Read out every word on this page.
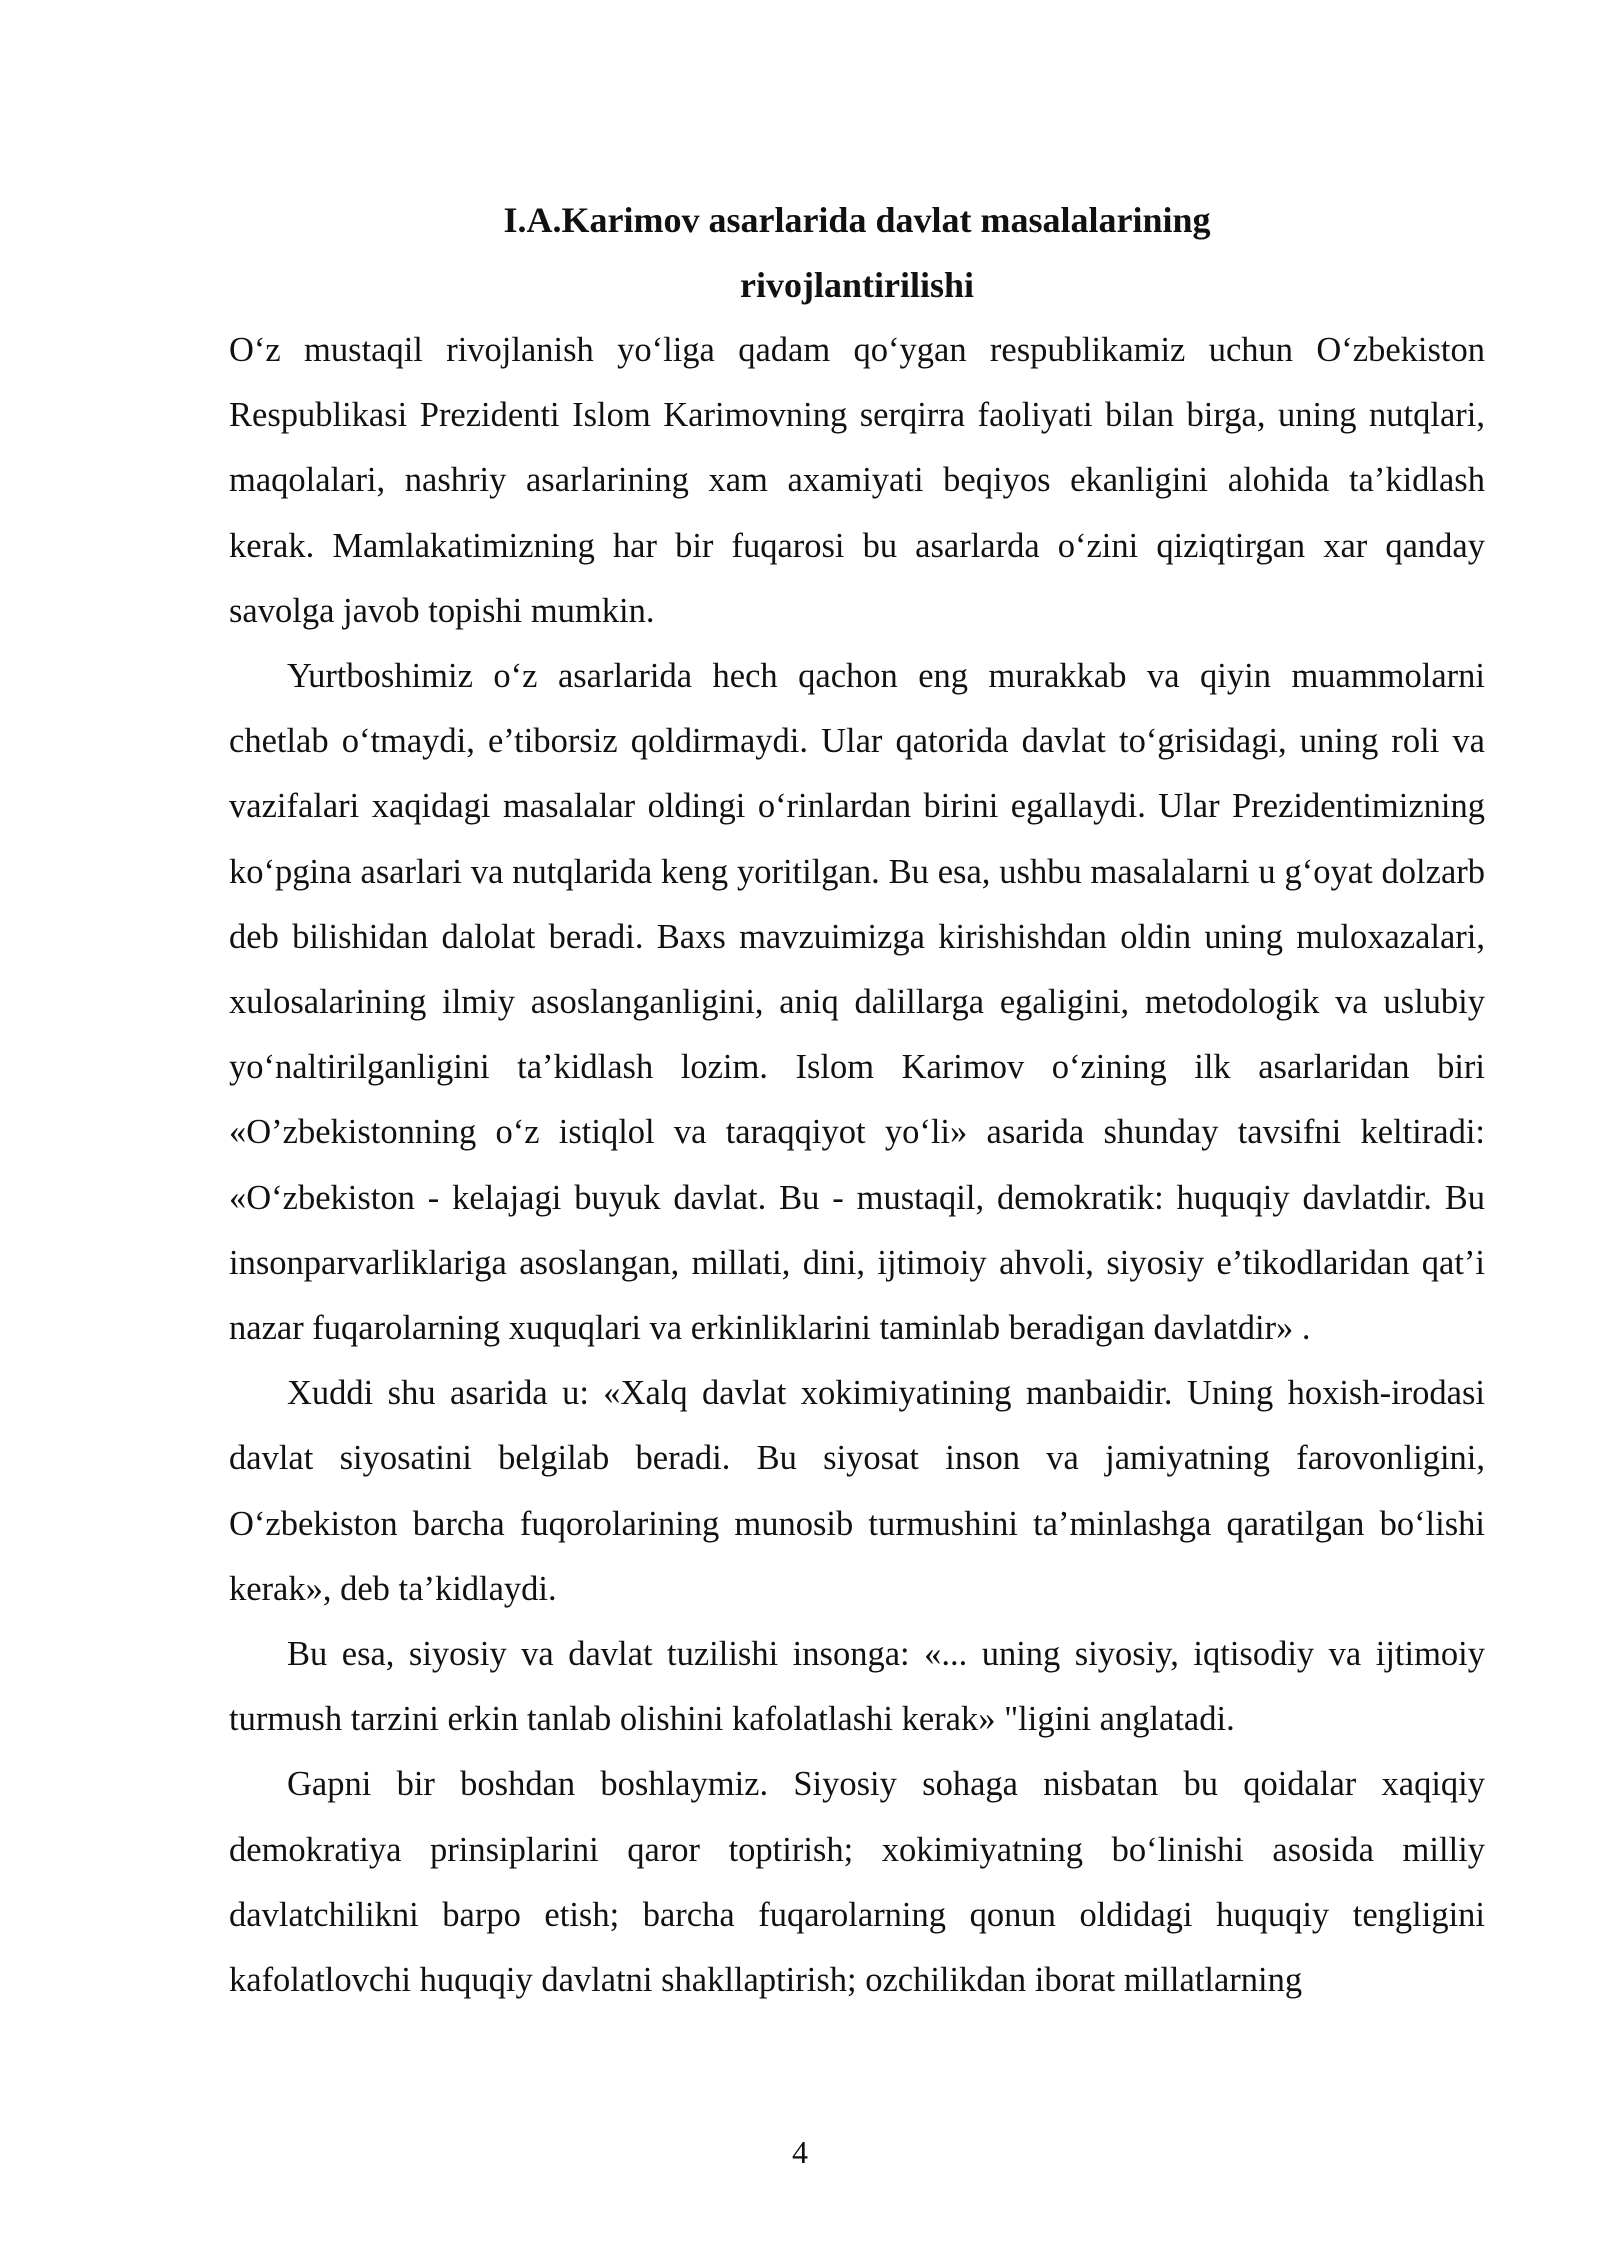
I.A.Karimov asarlarida davlat masalalarining

rivojlantirilishi

O‘z mustaqil rivojlanish yo‘liga qadam qo‘ygan respublikamiz uchun O‘zbekiston Respublikasi Prezidenti Islom Karimovning serqirra faoliyati bilan birga, uning nutqlari, maqolalari, nashriy asarlarining xam axamiyati beqiyos ekanligini alohida ta’kidlash kerak. Mamlakatimizning har bir fuqarosi bu asarlarda o‘zini qiziqtirgan xar qanday savolga javob topishi mumkin.

Yurtboshimiz o‘z asarlarida hech qachon eng murakkab va qiyin muammolarni chetlab o‘tmaydi, e’tiborsiz qoldirmaydi. Ular qatorida davlat to‘grisidagi, uning roli va vazifalari xaqidagi masalalar oldingi o‘rinlardan birini egallaydi. Ular Prezidentimizning ko‘pgina asarlari va nutqlarida keng yoritilgan. Bu esa, ushbu masalalarni u g‘oyat dolzarb deb bilishidan dalolat beradi. Baxs mavzuimizga kirishishdan oldin uning muloxazalari, xulosalarining ilmiy asoslanganligini, aniq dalillarga egaligini, metodologik va uslubiy yo‘naltirilganligini ta’kidlash lozim. Islom Karimov o‘zining ilk asarlaridan biri «O’zbekistonning o‘z istiqlol va taraqqiyot yo‘li» asarida shunday tavsifni keltiradi: «O‘zbekiston - kelajagi buyuk davlat. Bu - mustaqil, demokratik: huquqiy davlatdir. Bu insonparvarliklariga asoslangan, millati, dini, ijtimoiy ahvoli, siyosiy e’tikodlaridan qat’i nazar fuqarolarning xuquqlari va erkinliklarini taminlab beradigan davlatdir» .

Xuddi shu asarida u: «Xalq davlat xokimiyatining manbaidir. Uning hoxish-irodasi davlat siyosatini belgilab beradi. Bu siyosat inson va jamiyatning farovonligini, O‘zbekiston barcha fuqorolarining munosib turmushini ta’minlashga qaratilgan bo‘lishi kerak», deb ta’kidlaydi.

Bu esa, siyosiy va davlat tuzilishi insonga: «... uning siyosiy, iqtisodiy va ijtimoiy turmush tarzini erkin tanlab olishini kafolatlashi kerak» "ligini anglatadi.

Gapni bir boshdan boshlaymiz. Siyosiy sohaga nisbatan bu qoidalar xaqiqiy demokratiya prinsiplarini qaror toptirish; xokimiyatning bo‘linishi asosida milliy davlatchilikni barpo etish; barcha fuqarolarning qonun oldidagi huquqiy tengligini kafolatlovchi huquqiy davlatni shakllaptirish; ozchilikdan iborat millatlarning

4
